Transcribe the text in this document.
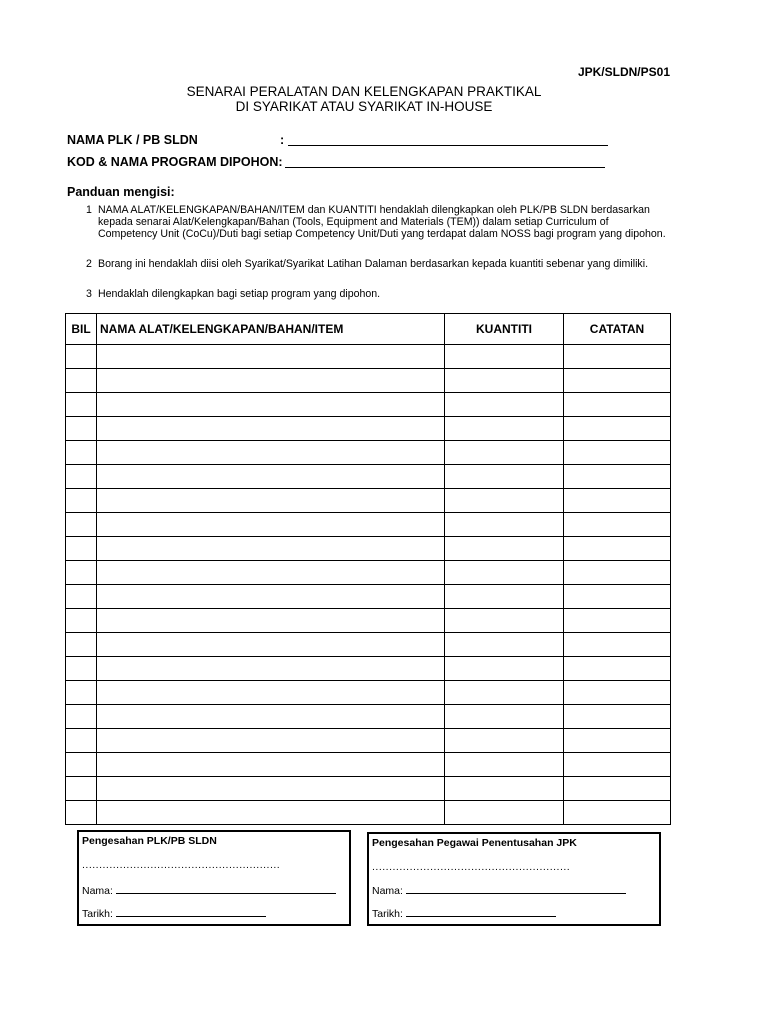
JPK/SLDN/PS01
SENARAI PERALATAN DAN KELENGKAPAN PRAKTIKAL
DI SYARIKAT ATAU SYARIKAT IN-HOUSE
NAMA PLK / PB SLDN	:
KOD & NAMA PROGRAM DIPOHON:
Panduan mengisi:
1 NAMA ALAT/KELENGKAPAN/BAHAN/ITEM dan KUANTITI hendaklah dilengkapkan oleh PLK/PB SLDN berdasarkan kepada senarai Alat/Kelengkapan/Bahan (Tools, Equipment and Materials (TEM)) dalam setiap Curriculum of Competency Unit (CoCu)/Duti bagi setiap Competency Unit/Duti yang terdapat dalam NOSS bagi program yang dipohon.
2 Borang ini hendaklah diisi oleh Syarikat/Syarikat Latihan Dalaman berdasarkan kepada kuantiti sebenar yang dimiliki.
3 Hendaklah dilengkapkan bagi setiap program yang dipohon.
BIL	NAMA ALAT/KELENGKAPAN/BAHAN/ITEM	KUANTITI	CATATAN

Pengesahan PLK/PB SLDN
..........................................................
Nama:
Tarikh:
Pengesahan Pegawai Penentusahan JPK
..........................................................
Nama:
Tarikh:
